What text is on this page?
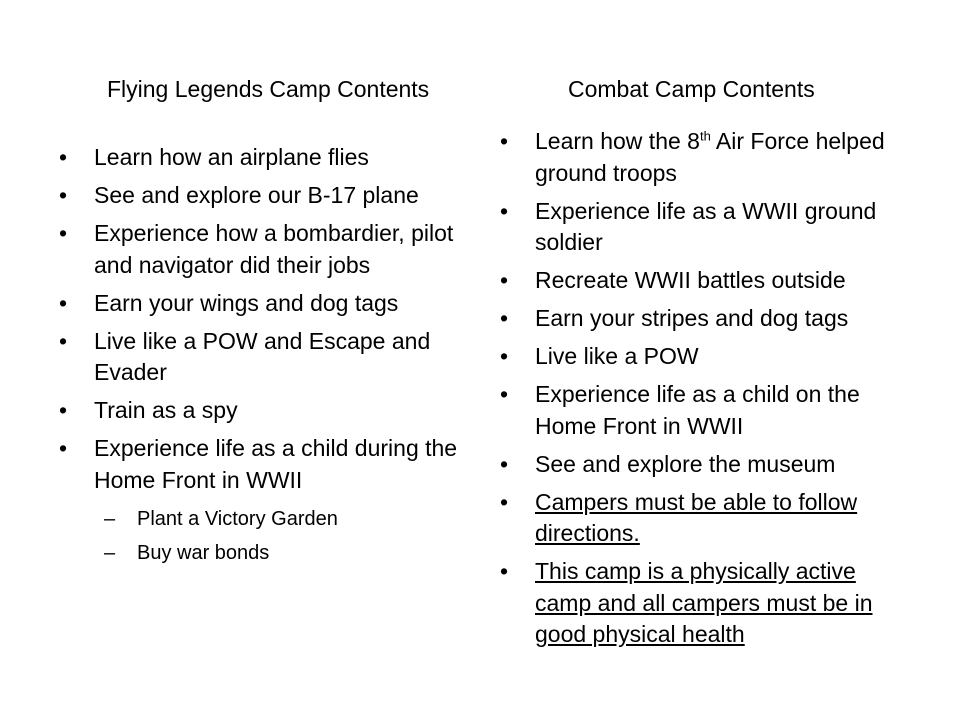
Flying Legends Camp Contents	Combat Camp Contents
• Learn how an airplane flies
• See and explore our B-17 plane
• Experience how a bombardier, pilot and navigator did their jobs
• Earn your wings and dog tags
• Live like a POW and Escape and Evader
• Train as a spy
• Experience life as a child during the Home Front in WWII
– Plant a Victory Garden
– Buy war bonds
• Learn how the 8th Air Force helped ground troops
• Experience life as a WWII ground soldier
• Recreate WWII battles outside
• Earn your stripes and dog tags
• Live like a POW
• Experience life as a child on the Home Front in WWII
• See and explore the museum
• Campers must be able to follow directions.
• This camp is a physically active camp and all campers must be in good physical health
